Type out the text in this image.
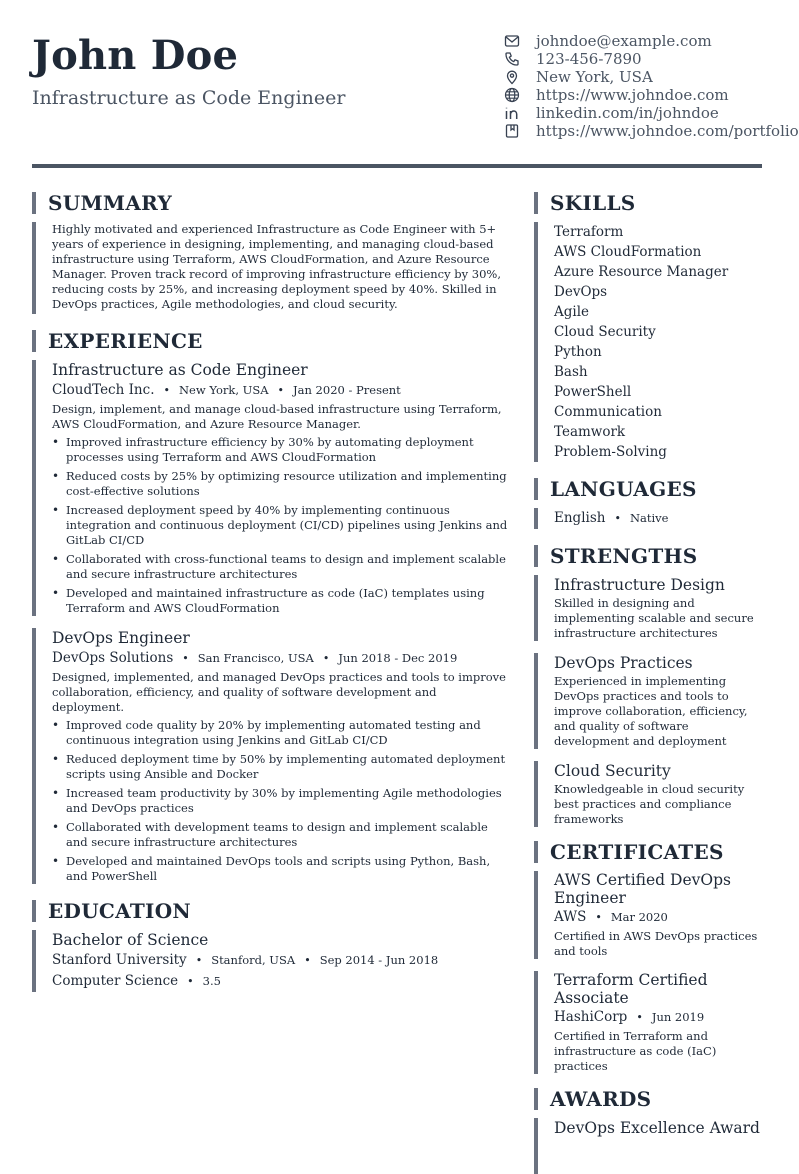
John Doe
Infrastructure as Code Engineer
johndoe@example.com
123-456-7890
New York, USA
https://www.johndoe.com
linkedin.com/in/johndoe
https://www.johndoe.com/portfolio
SUMMARY
Highly motivated and experienced Infrastructure as Code Engineer with 5+ years of experience in designing, implementing, and managing cloud-based infrastructure using Terraform, AWS CloudFormation, and Azure Resource Manager. Proven track record of improving infrastructure efficiency by 30%, reducing costs by 25%, and increasing deployment speed by 40%. Skilled in DevOps practices, Agile methodologies, and cloud security.
EXPERIENCE
Infrastructure as Code Engineer
CloudTech Inc. • New York, USA • Jan 2020 - Present
Design, implement, and manage cloud-based infrastructure using Terraform, AWS CloudFormation, and Azure Resource Manager.
• Improved infrastructure efficiency by 30% by automating deployment processes using Terraform and AWS CloudFormation
• Reduced costs by 25% by optimizing resource utilization and implementing cost-effective solutions
• Increased deployment speed by 40% by implementing continuous integration and continuous deployment (CI/CD) pipelines using Jenkins and GitLab CI/CD
• Collaborated with cross-functional teams to design and implement scalable and secure infrastructure architectures
• Developed and maintained infrastructure as code (IaC) templates using Terraform and AWS CloudFormation
DevOps Engineer
DevOps Solutions • San Francisco, USA • Jun 2018 - Dec 2019
Designed, implemented, and managed DevOps practices and tools to improve collaboration, efficiency, and quality of software development and deployment.
• Improved code quality by 20% by implementing automated testing and continuous integration using Jenkins and GitLab CI/CD
• Reduced deployment time by 50% by implementing automated deployment scripts using Ansible and Docker
• Increased team productivity by 30% by implementing Agile methodologies and DevOps practices
• Collaborated with development teams to design and implement scalable and secure infrastructure architectures
• Developed and maintained DevOps tools and scripts using Python, Bash, and PowerShell
EDUCATION
Bachelor of Science
Stanford University • Stanford, USA • Sep 2014 - Jun 2018
Computer Science • 3.5
SKILLS
Terraform
AWS CloudFormation
Azure Resource Manager
DevOps
Agile
Cloud Security
Python
Bash
PowerShell
Communication
Teamwork
Problem-Solving
LANGUAGES
English • Native
STRENGTHS
Infrastructure Design
Skilled in designing and implementing scalable and secure infrastructure architectures
DevOps Practices
Experienced in implementing DevOps practices and tools to improve collaboration, efficiency, and quality of software development and deployment
Cloud Security
Knowledgeable in cloud security best practices and compliance frameworks
CERTIFICATES
AWS Certified DevOps Engineer
AWS • Mar 2020
Certified in AWS DevOps practices and tools
Terraform Certified Associate
HashiCorp • Jun 2019
Certified in Terraform and infrastructure as code (IaC) practices
AWARDS
DevOps Excellence Award
